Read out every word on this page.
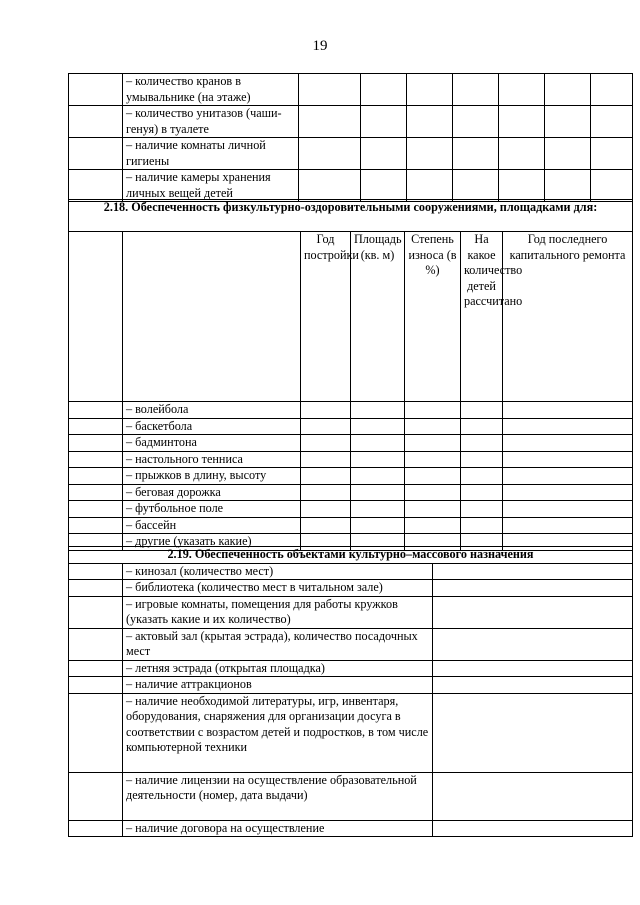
19
	– количество кранов в умывальнике (на этаже)							
	– количество унитазов (чаши-генуя) в туалете							
	– наличие комнаты личной гигиены							
	– наличие камеры хранения личных вещей детей							
2.18. Обеспеченность физкультурно-оздоровительными сооружениями, площадками для:						
		Год постройки	Площадь (кв. м)	Степень износа (в %)	На какое количество детей рассчитано	Год последнего капитального ремонта
	– волейбола					
	– баскетбола					
	– бадминтона					
	– настольного тенниса					
	– прыжков в длину, высоту					
	– беговая дорожка					
	– футбольное поле					
	– бассейн					
	– другие (указать какие)					
2.19. Обеспеченность объектами культурно–массового назначения		
	– кинозал (количество мест)	
	– библиотека (количество мест в читальном зале)	
	– игровые комнаты, помещения для работы кружков (указать какие и их количество)	
	– актовый зал (крытая эстрада), количество посадочных мест	
	– летняя эстрада (открытая площадка)	
	– наличие аттракционов	
	– наличие необходимой литературы, игр, инвентаря, оборудования, снаряжения для организации досуга в соответствии с возрастом детей и подростков, в том числе компьютерной техники	
	– наличие лицензии на осуществление образовательной деятельности (номер, дата выдачи)	
	– наличие договора на осуществление	
